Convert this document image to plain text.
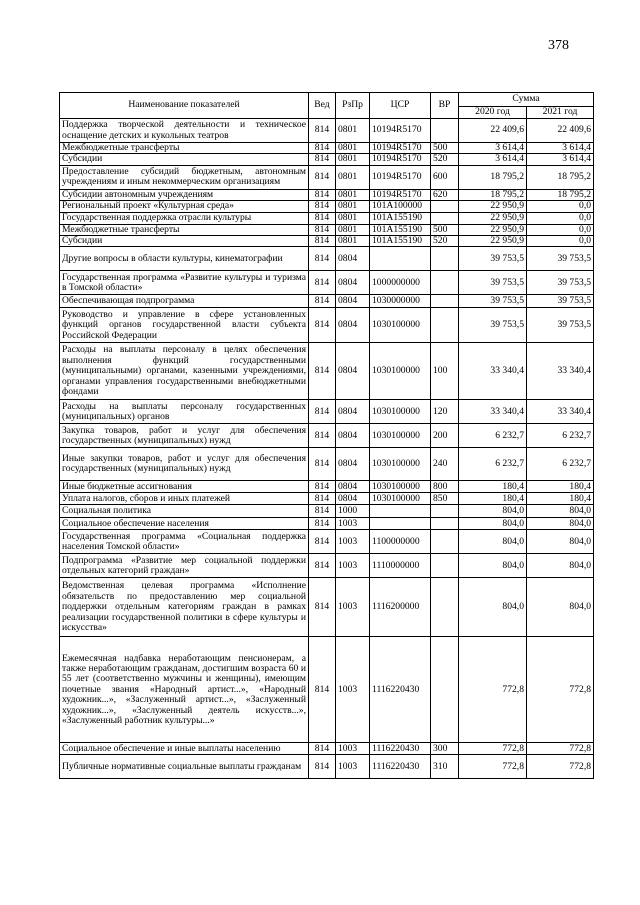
378
Наименование показателей	Вед	РзПр	ЦСР	ВР	Сумма	
					2020 год	2021 год
Поддержка творческой деятельности и техническое оснащение детских и кукольных театров	814	0801	10194R5170		22 409,6	22 409,6
Межбюджетные трансферты	814	0801	10194R5170	500	3 614,4	3 614,4
Субсидии	814	0801	10194R5170	520	3 614,4	3 614,4
Предоставление субсидий бюджетным, автономным учреждениям и иным некоммерческим организациям	814	0801	10194R5170	600	18 795,2	18 795,2
Субсидии автономным учреждениям	814	0801	10194R5170	620	18 795,2	18 795,2
Региональный проект «Культурная среда»	814	0801	101A100000		22 950,9	0,0
Государственная поддержка отрасли культуры	814	0801	101A155190		22 950,9	0,0
Межбюджетные трансферты	814	0801	101A155190	500	22 950,9	0,0
Субсидии	814	0801	101A155190	520	22 950,9	0,0
Другие вопросы в области культуры, кинематографии	814	0804			39 753,5	39 753,5
Государственная программа «Развитие культуры и туризма в Томской области»	814	0804	1000000000		39 753,5	39 753,5
Обеспечивающая подпрограмма	814	0804	1030000000		39 753,5	39 753,5
Руководство и управление в сфере установленных функций органов государственной власти субъекта Российской Федерации	814	0804	1030100000		39 753,5	39 753,5
Расходы на выплаты персоналу в целях обеспечения выполнения функций государственными (муниципальными) органами, казенными учреждениями, органами управления государственными внебюджетными фондами	814	0804	1030100000	100	33 340,4	33 340,4
Расходы на выплаты персоналу государственных (муниципальных) органов	814	0804	1030100000	120	33 340,4	33 340,4
Закупка товаров, работ и услуг для обеспечения государственных (муниципальных) нужд	814	0804	1030100000	200	6 232,7	6 232,7
Иные закупки товаров, работ и услуг для обеспечения государственных (муниципальных) нужд	814	0804	1030100000	240	6 232,7	6 232,7
Иные бюджетные ассигнования	814	0804	1030100000	800	180,4	180,4
Уплата налогов, сборов и иных платежей	814	0804	1030100000	850	180,4	180,4
Социальная политика	814	1000			804,0	804,0
Социальное обеспечение населения	814	1003			804,0	804,0
Государственная программа «Социальная поддержка населения Томской области»	814	1003	1100000000		804,0	804,0
Подпрограмма «Развитие мер социальной поддержки отдельных категорий граждан»	814	1003	1110000000		804,0	804,0
Ведомственная целевая программа «Исполнение обязательств по предоставлению мер социальной поддержки отдельным категориям граждан в рамках реализации государственной политики в сфере культуры и искусства»	814	1003	1116200000		804,0	804,0
Ежемесячная надбавка неработающим пенсионерам, а также неработающим гражданам, достигшим возраста 60 и 55 лет (соответственно мужчины и женщины), имеющим почетные звания «Народный артист...», «Народный художник...», «Заслуженный артист...», «Заслуженный художник...», «Заслуженный деятель искусств...», «Заслуженный работник культуры...»	814	1003	1116220430		772,8	772,8
Социальное обеспечение и иные выплаты населению	814	1003	1116220430	300	772,8	772,8
Публичные нормативные социальные выплаты гражданам	814	1003	1116220430	310	772,8	772,8
